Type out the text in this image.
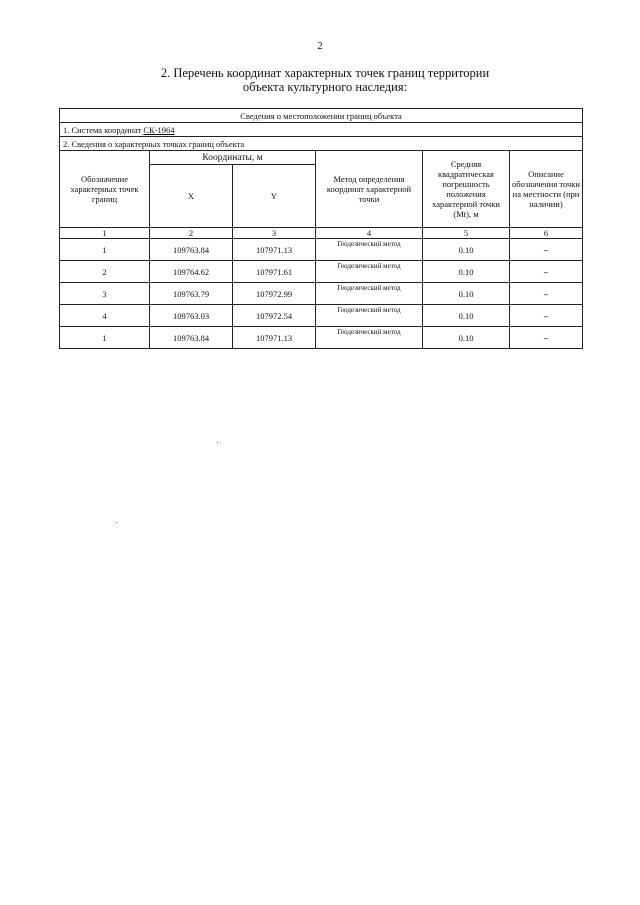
2
2. Перечень координат характерных точек границ территории
объекта культурного наследия:
Сведения о местоположении границ объекта					
1. Система координат СК-1964					
2. Сведения о характерных точках границ объекта					
Обозначение характерных точек границ	Координаты, м		Метод определения координат характерной точки	Средняя квадратическая погрешность положения характерной точки (Mt), м	Описание обозначения точки на местности (при наличии)
	X	Y			
1	2	3	4	5	6
1	109763.84	107971.13	Геодезический метод	0.10	–
2	109764.62	107971.61	Геодезический метод	0.10	–
3	109763.79	107972.99	Геодезический метод	0.10	–
4	109763.03	107972.54	Геодезический метод	0.10	–
1	109763.84	107971.13	Геодезический метод	0.10	–
